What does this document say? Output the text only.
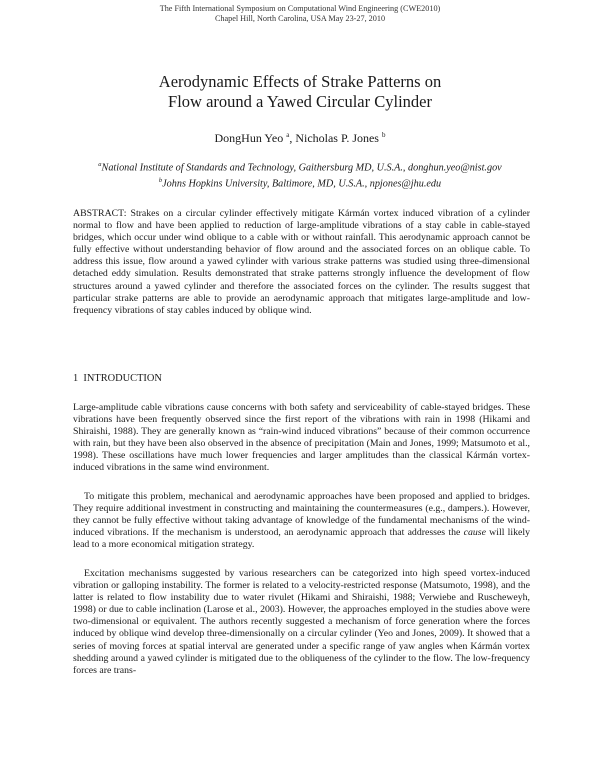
The Fifth International Symposium on Computational Wind Engineering (CWE2010)
Chapel Hill, North Carolina, USA May 23-27, 2010
Aerodynamic Effects of Strake Patterns on
Flow around a Yawed Circular Cylinder
DongHun Yeo $^a$, Nicholas P. Jones $^b$
$^a$National Institute of Standards and Technology, Gaithersburg MD, U.S.A., donghun.yeo@nist.gov
$^b$Johns Hopkins University, Baltimore, MD, U.S.A., npjones@jhu.edu
ABSTRACT: Strakes on a circular cylinder effectively mitigate Kármán vortex induced vibration of a cylinder normal to flow and have been applied to reduction of large-amplitude vibrations of a stay cable in cable-stayed bridges, which occur under wind oblique to a cable with or without rainfall. This aerodynamic approach cannot be fully effective without understanding behavior of flow around and the associated forces on an oblique cable. To address this issue, flow around a yawed cylinder with various strake patterns was studied using three-dimensional detached eddy simulation. Results demonstrated that strake patterns strongly influence the development of flow structures around a yawed cylinder and therefore the associated forces on the cylinder. The results suggest that particular strake patterns are able to provide an aerodynamic approach that mitigates large-amplitude and low-frequency vibrations of stay cables induced by oblique wind.
1 INTRODUCTION
Large-amplitude cable vibrations cause concerns with both safety and serviceability of cable-stayed bridges. These vibrations have been frequently observed since the first report of the vibrations with rain in 1998 (Hikami and Shiraishi, 1988). They are generally known as “rain-wind induced vibrations” because of their common occurrence with rain, but they have been also observed in the absence of precipitation (Main and Jones, 1999; Matsumoto et al., 1998). These oscillations have much lower frequencies and larger amplitudes than the classical Kármán vortex-induced vibrations in the same wind environment.
To mitigate this problem, mechanical and aerodynamic approaches have been proposed and applied to bridges. They require additional investment in constructing and maintaining the countermeasures (e.g., dampers.). However, they cannot be fully effective without taking advantage of knowledge of the fundamental mechanisms of the wind-induced vibrations. If the mechanism is understood, an aerodynamic approach that addresses the cause will likely lead to a more economical mitigation strategy.
Excitation mechanisms suggested by various researchers can be categorized into high speed vortex-induced vibration or galloping instability. The former is related to a velocity-restricted response (Matsumoto, 1998), and the latter is related to flow instability due to water rivulet (Hikami and Shiraishi, 1988; Verwiebe and Ruscheweyh, 1998) or due to cable inclination (Larose et al., 2003). However, the approaches employed in the studies above were two-dimensional or equivalent. The authors recently suggested a mechanism of force generation where the forces induced by oblique wind develop three-dimensionally on a circular cylinder (Yeo and Jones, 2009). It showed that a series of moving forces at spatial interval are generated under a specific range of yaw angles when Kármán vortex shedding around a yawed cylinder is mitigated due to the obliqueness of the cylinder to the flow. The low-frequency forces are trans-
